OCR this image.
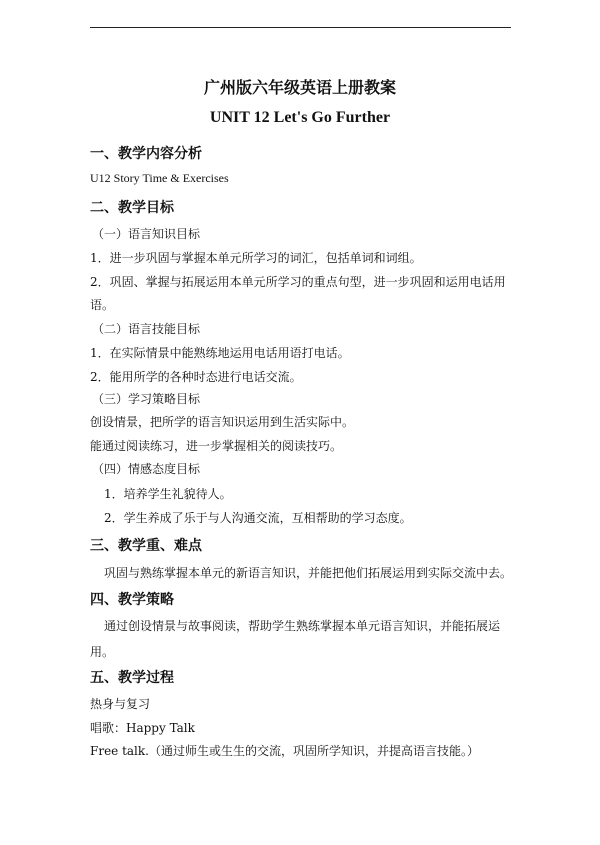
广州版六年级英语上册教案
UNIT 12 Let's Go Further
一、教学内容分析
U12 Story Time & Exercises
二、教学目标
（一）语言知识目标
1．进一步巩固与掌握本单元所学习的词汇，包括单词和词组。
2．巩固、掌握与拓展运用本单元所学习的重点句型，进一步巩固和运用电话用
语。
（二）语言技能目标
1．在实际情景中能熟练地运用电话用语打电话。
2．能用所学的各种时态进行电话交流。
（三）学习策略目标
创设情景，把所学的语言知识运用到生活实际中。
能通过阅读练习，进一步掌握相关的阅读技巧。
（四）情感态度目标
1．培养学生礼貌待人。
2．学生养成了乐于与人沟通交流，互相帮助的学习态度。
三、教学重、难点
巩固与熟练掌握本单元的新语言知识，并能把他们拓展运用到实际交流中去。
四、教学策略
通过创设情景与故事阅读，帮助学生熟练掌握本单元语言知识，并能拓展运
用。
五、教学过程
热身与复习
唱歌：Happy Talk
Free talk.（通过师生或生生的交流，巩固所学知识，并提高语言技能。）
